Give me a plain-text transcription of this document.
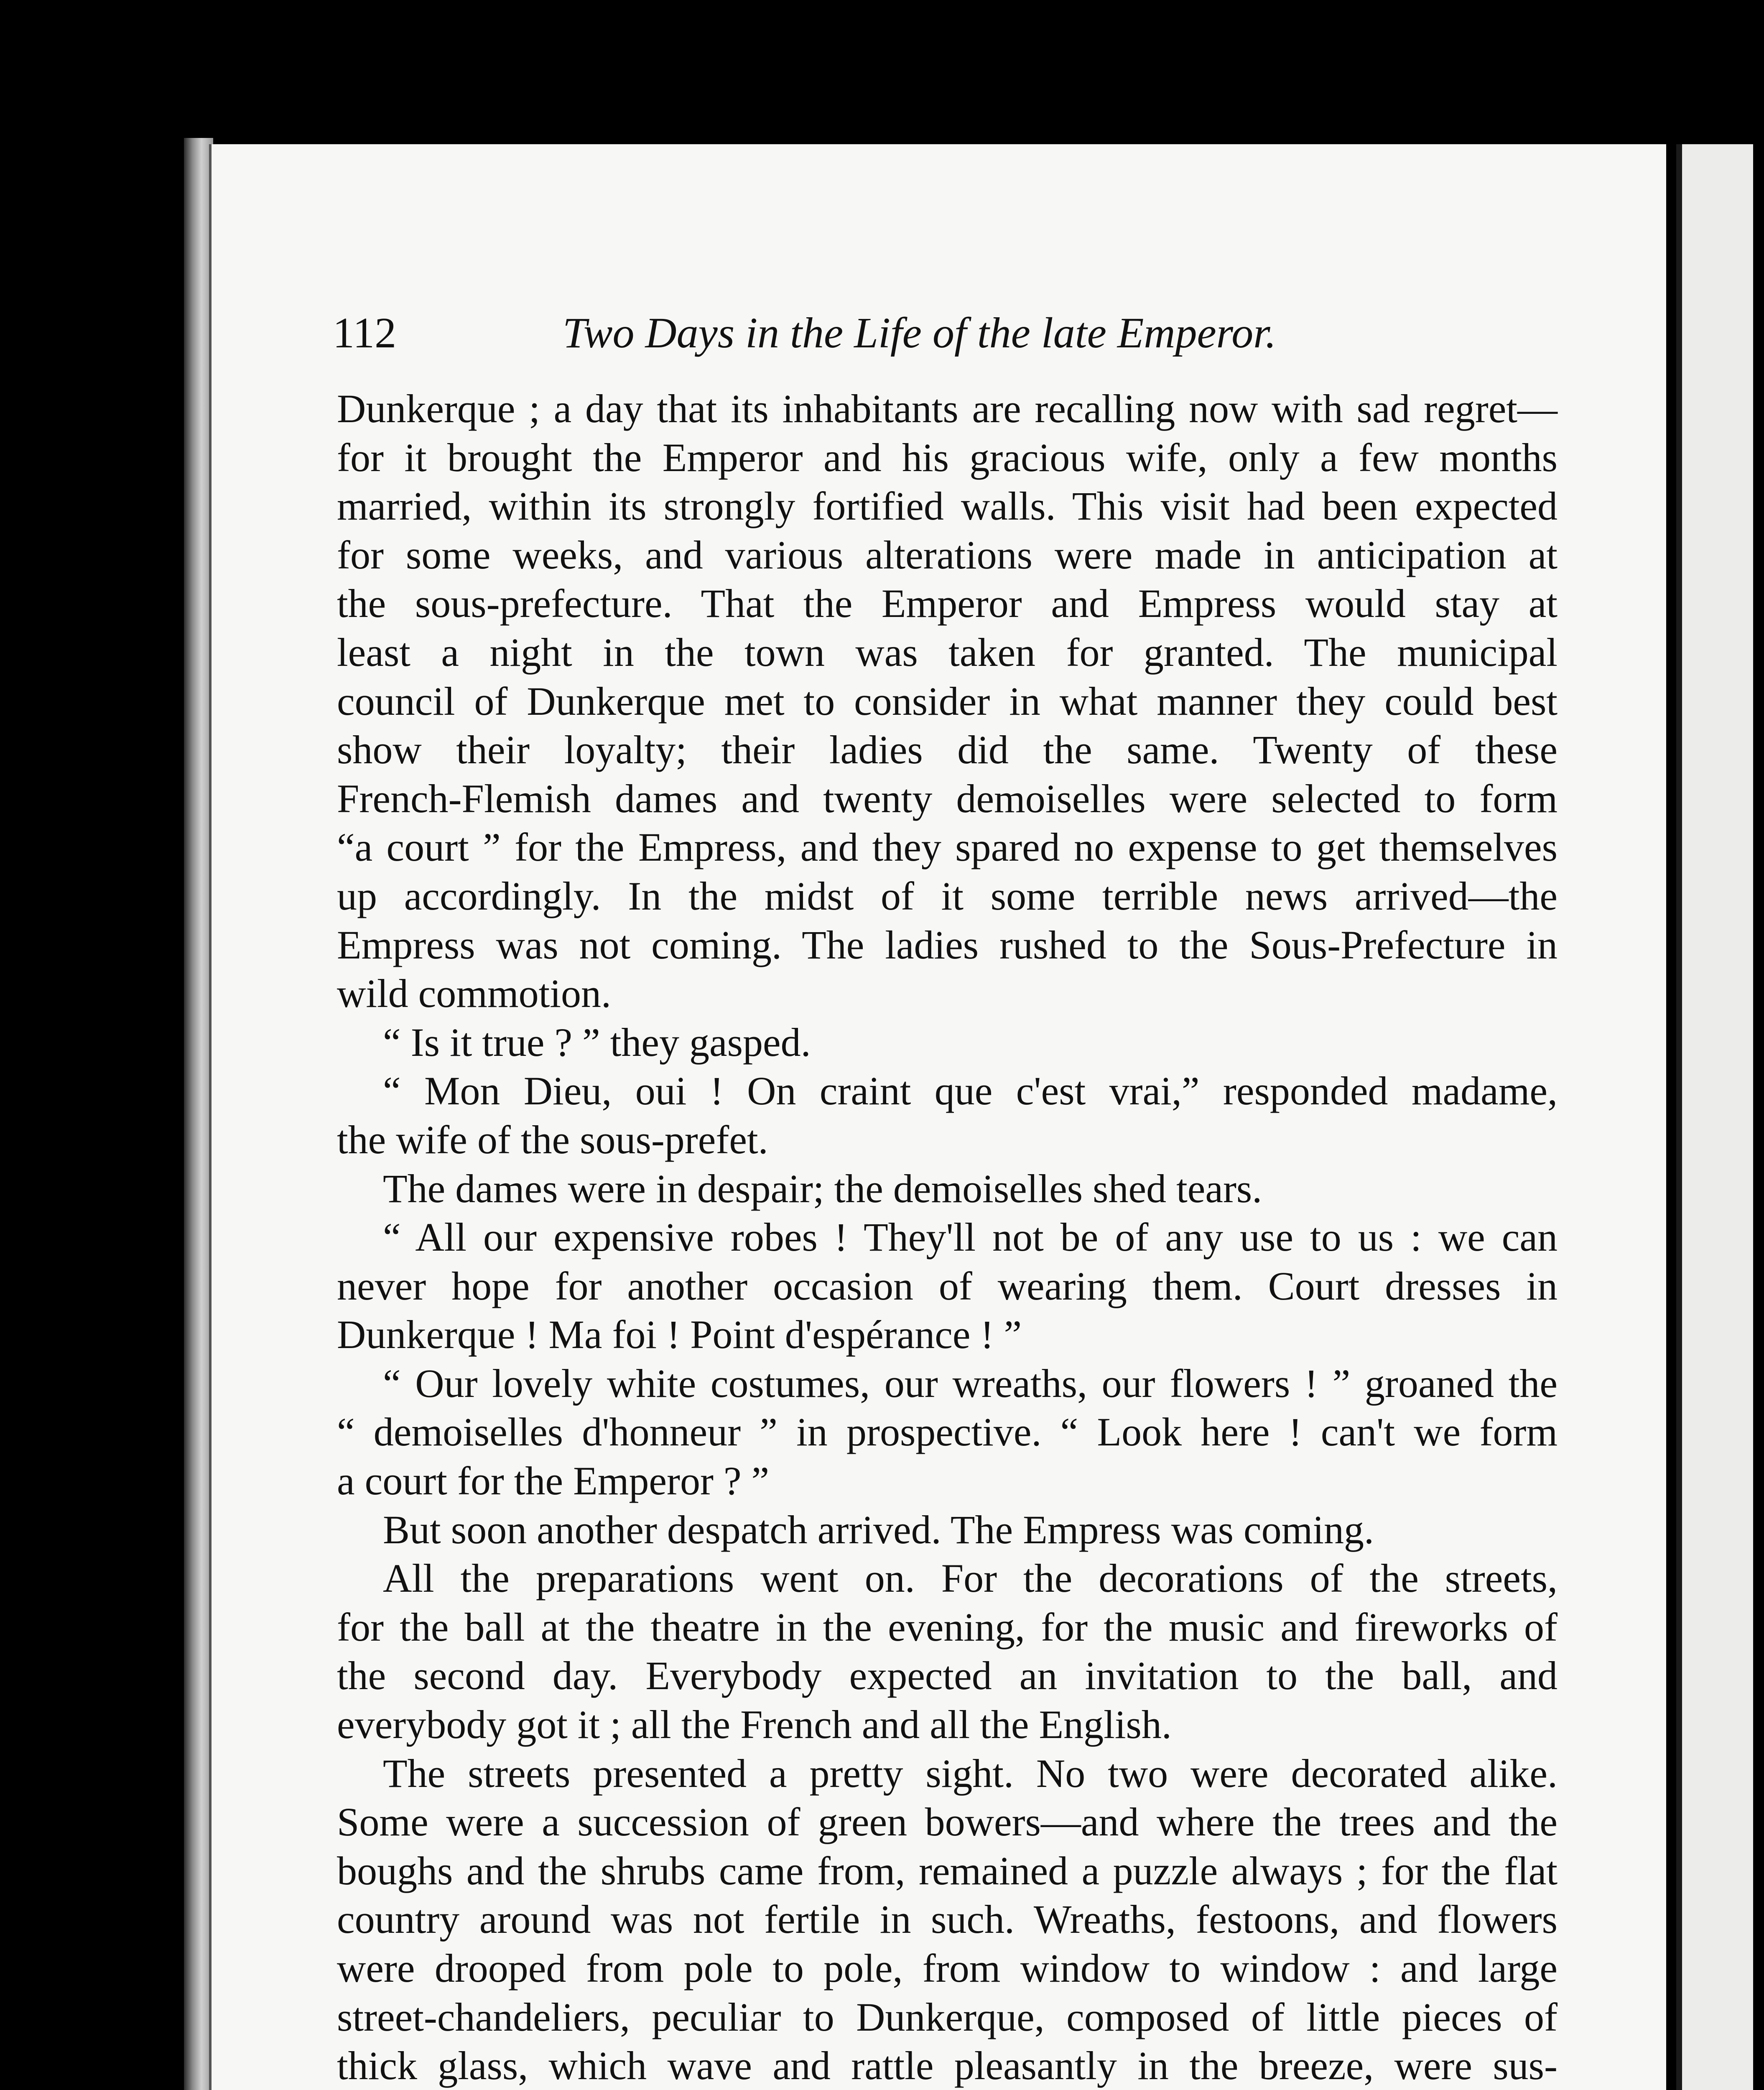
112	Two Days in the Life of the late Emperor.

Dunkerque ; a day that its inhabitants are recalling now with sad regret—
for it brought the Emperor and his gracious wife, only a few months
married, within its strongly fortified walls. This visit had been expected
for some weeks, and various alterations were made in anticipation at
the sous-prefecture. That the Emperor and Empress would stay at
least a night in the town was taken for granted. The municipal
council of Dunkerque met to consider in what manner they could best
show their loyalty; their ladies did the same. Twenty of these
French-Flemish dames and twenty demoiselles were selected to form
“a court ” for the Empress, and they spared no expense to get themselves
up accordingly. In the midst of it some terrible news arrived—the
Empress was not coming. The ladies rushed to the Sous-Prefecture in
wild commotion.
“ Is it true ? ” they gasped.
“ Mon Dieu, oui ! On craint que c'est vrai,” responded madame,
the wife of the sous-prefet.
The dames were in despair; the demoiselles shed tears.
“ All our expensive robes ! They'll not be of any use to us : we can
never hope for another occasion of wearing them. Court dresses in
Dunkerque ! Ma foi ! Point d'espérance ! ”
“ Our lovely white costumes, our wreaths, our flowers ! ” groaned the
“ demoiselles d'honneur ” in prospective. “ Look here ! can't we form
a court for the Emperor ? ”
But soon another despatch arrived. The Empress was coming.
All the preparations went on. For the decorations of the streets,
for the ball at the theatre in the evening, for the music and fireworks of
the second day. Everybody expected an invitation to the ball, and
everybody got it ; all the French and all the English.
The streets presented a pretty sight. No two were decorated alike.
Some were a succession of green bowers—and where the trees and the
boughs and the shrubs came from, remained a puzzle always ; for the flat
country around was not fertile in such. Wreaths, festoons, and flowers
were drooped from pole to pole, from window to window : and large
street-chandeliers, peculiar to Dunkerque, composed of little pieces of
thick glass, which wave and rattle pleasantly in the breeze, were sus-
